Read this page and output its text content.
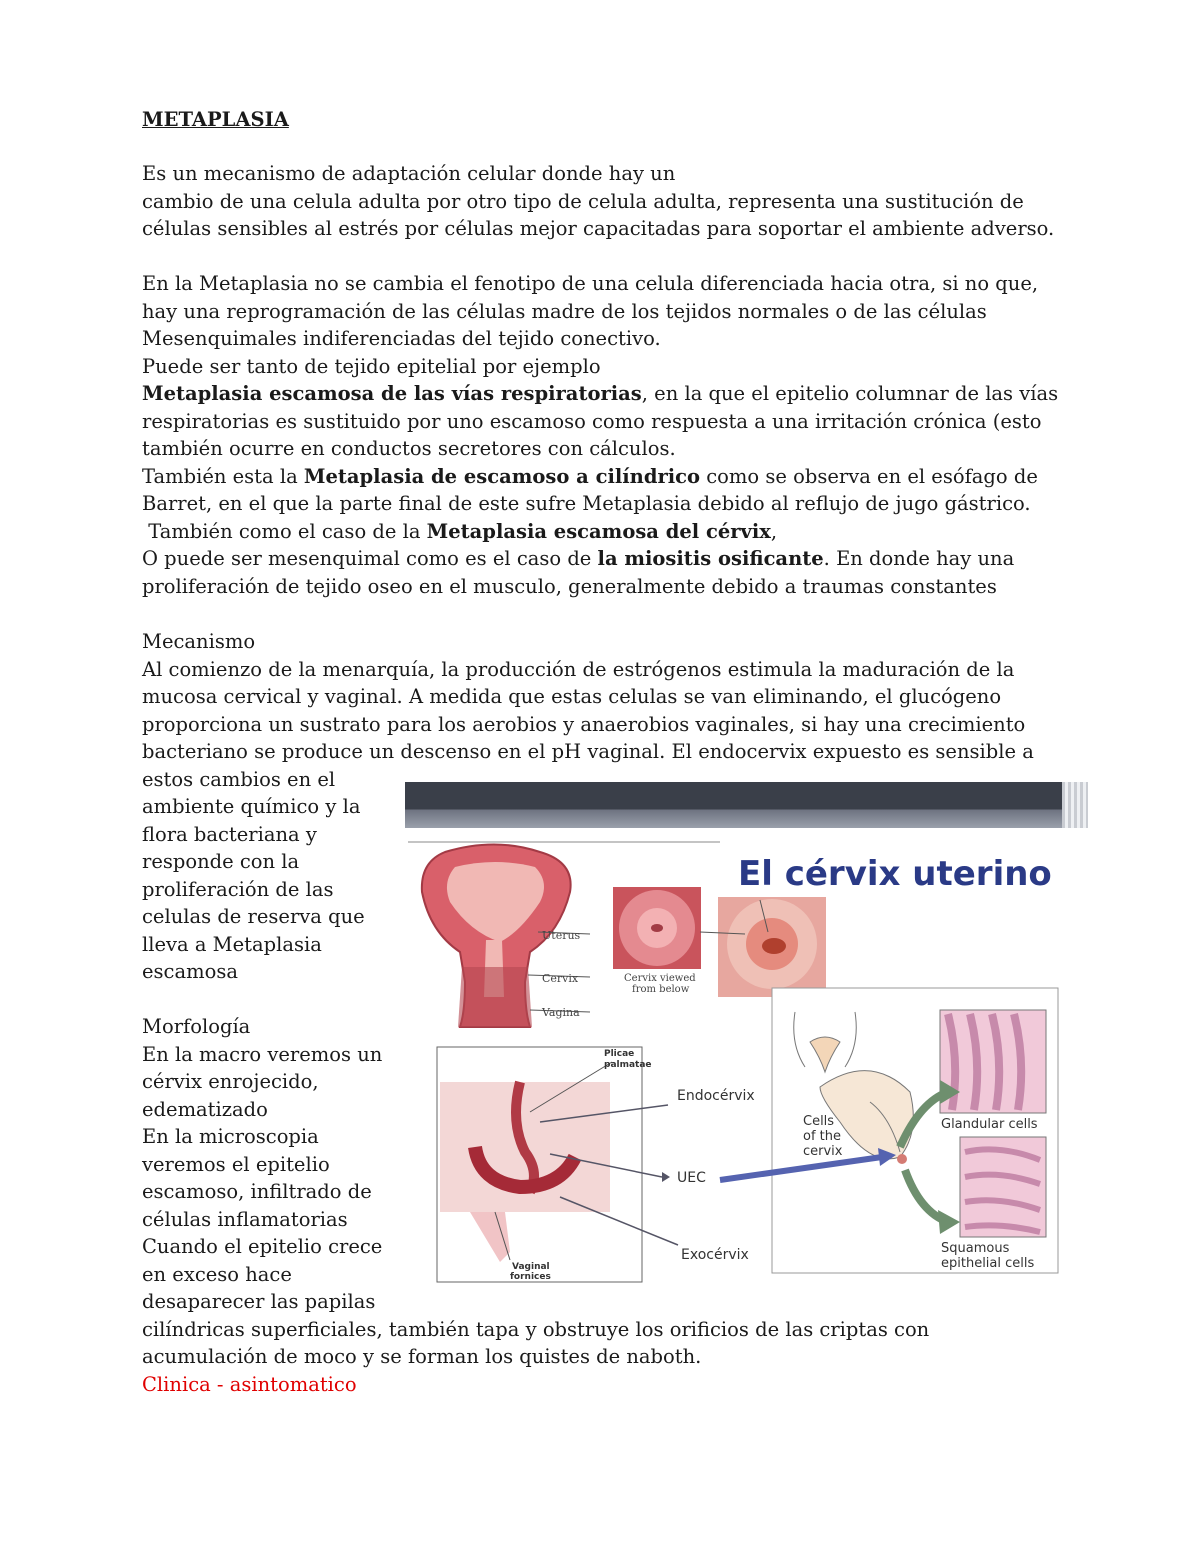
METAPLASIA
Es un mecanismo de adaptación celular donde hay un
cambio de una celula adulta por otro tipo de celula adulta, representa una sustitución de
células sensibles al estrés por células mejor capacitadas para soportar el ambiente adverso.
En la Metaplasia no se cambia el fenotipo de una celula diferenciada hacia otra, si no que,
hay una reprogramación de las células madre de los tejidos normales o de las células
Mesenquimales indiferenciadas del tejido conectivo.
Puede ser tanto de tejido epitelial por ejemplo
Metaplasia escamosa de las vías respiratorias, en la que el epitelio columnar de las vías
respiratorias es sustituido por uno escamoso como respuesta a una irritación crónica (esto
también ocurre en conductos secretores con cálculos.
También esta la Metaplasia de escamoso a cilíndrico como se observa en el esófago de
Barret, en el que la parte final de este sufre Metaplasia debido al reflujo de jugo gástrico.
También como el caso de la Metaplasia escamosa del cérvix,
O puede ser mesenquimal como es el caso de la miositis osificante. En donde hay una
proliferación de tejido oseo en el musculo, generalmente debido a traumas constantes
Mecanismo
Al comienzo de la menarquía, la producción de estrógenos estimula la maduración de la
mucosa cervical y vaginal. A medida que estas celulas se van eliminando, el glucógeno
proporciona un sustrato para los aerobios y anaerobios vaginales, si hay una crecimiento
bacteriano se produce un descenso en el pH vaginal. El endocervix expuesto es sensible a
estos cambios en el
ambiente químico y la
flora bacteriana y
responde con la
proliferación de las
celulas de reserva que
lleva a Metaplasia
escamosa
Morfología
En la macro veremos un
cérvix enrojecido,
edematizado
En la microscopia
veremos el epitelio
escamoso, infiltrado de
células inflamatorias
Cuando el epitelio crece
en exceso hace
desaparecer las papilas
cilíndricas superficiales, también tapa y obstruye los orificios de las criptas con
acumulación de moco y se forman los quistes de naboth.
Clinica - asintomatico
El cérvix uterino
Uterus
Cervix
Vagina
Cervix viewed
from below
Plicae
palmatae
Vaginal
fornices
Endocérvix
UEC
Exocérvix
Cells
of the
cervix
Glandular cells
Squamous
epithelial cells
